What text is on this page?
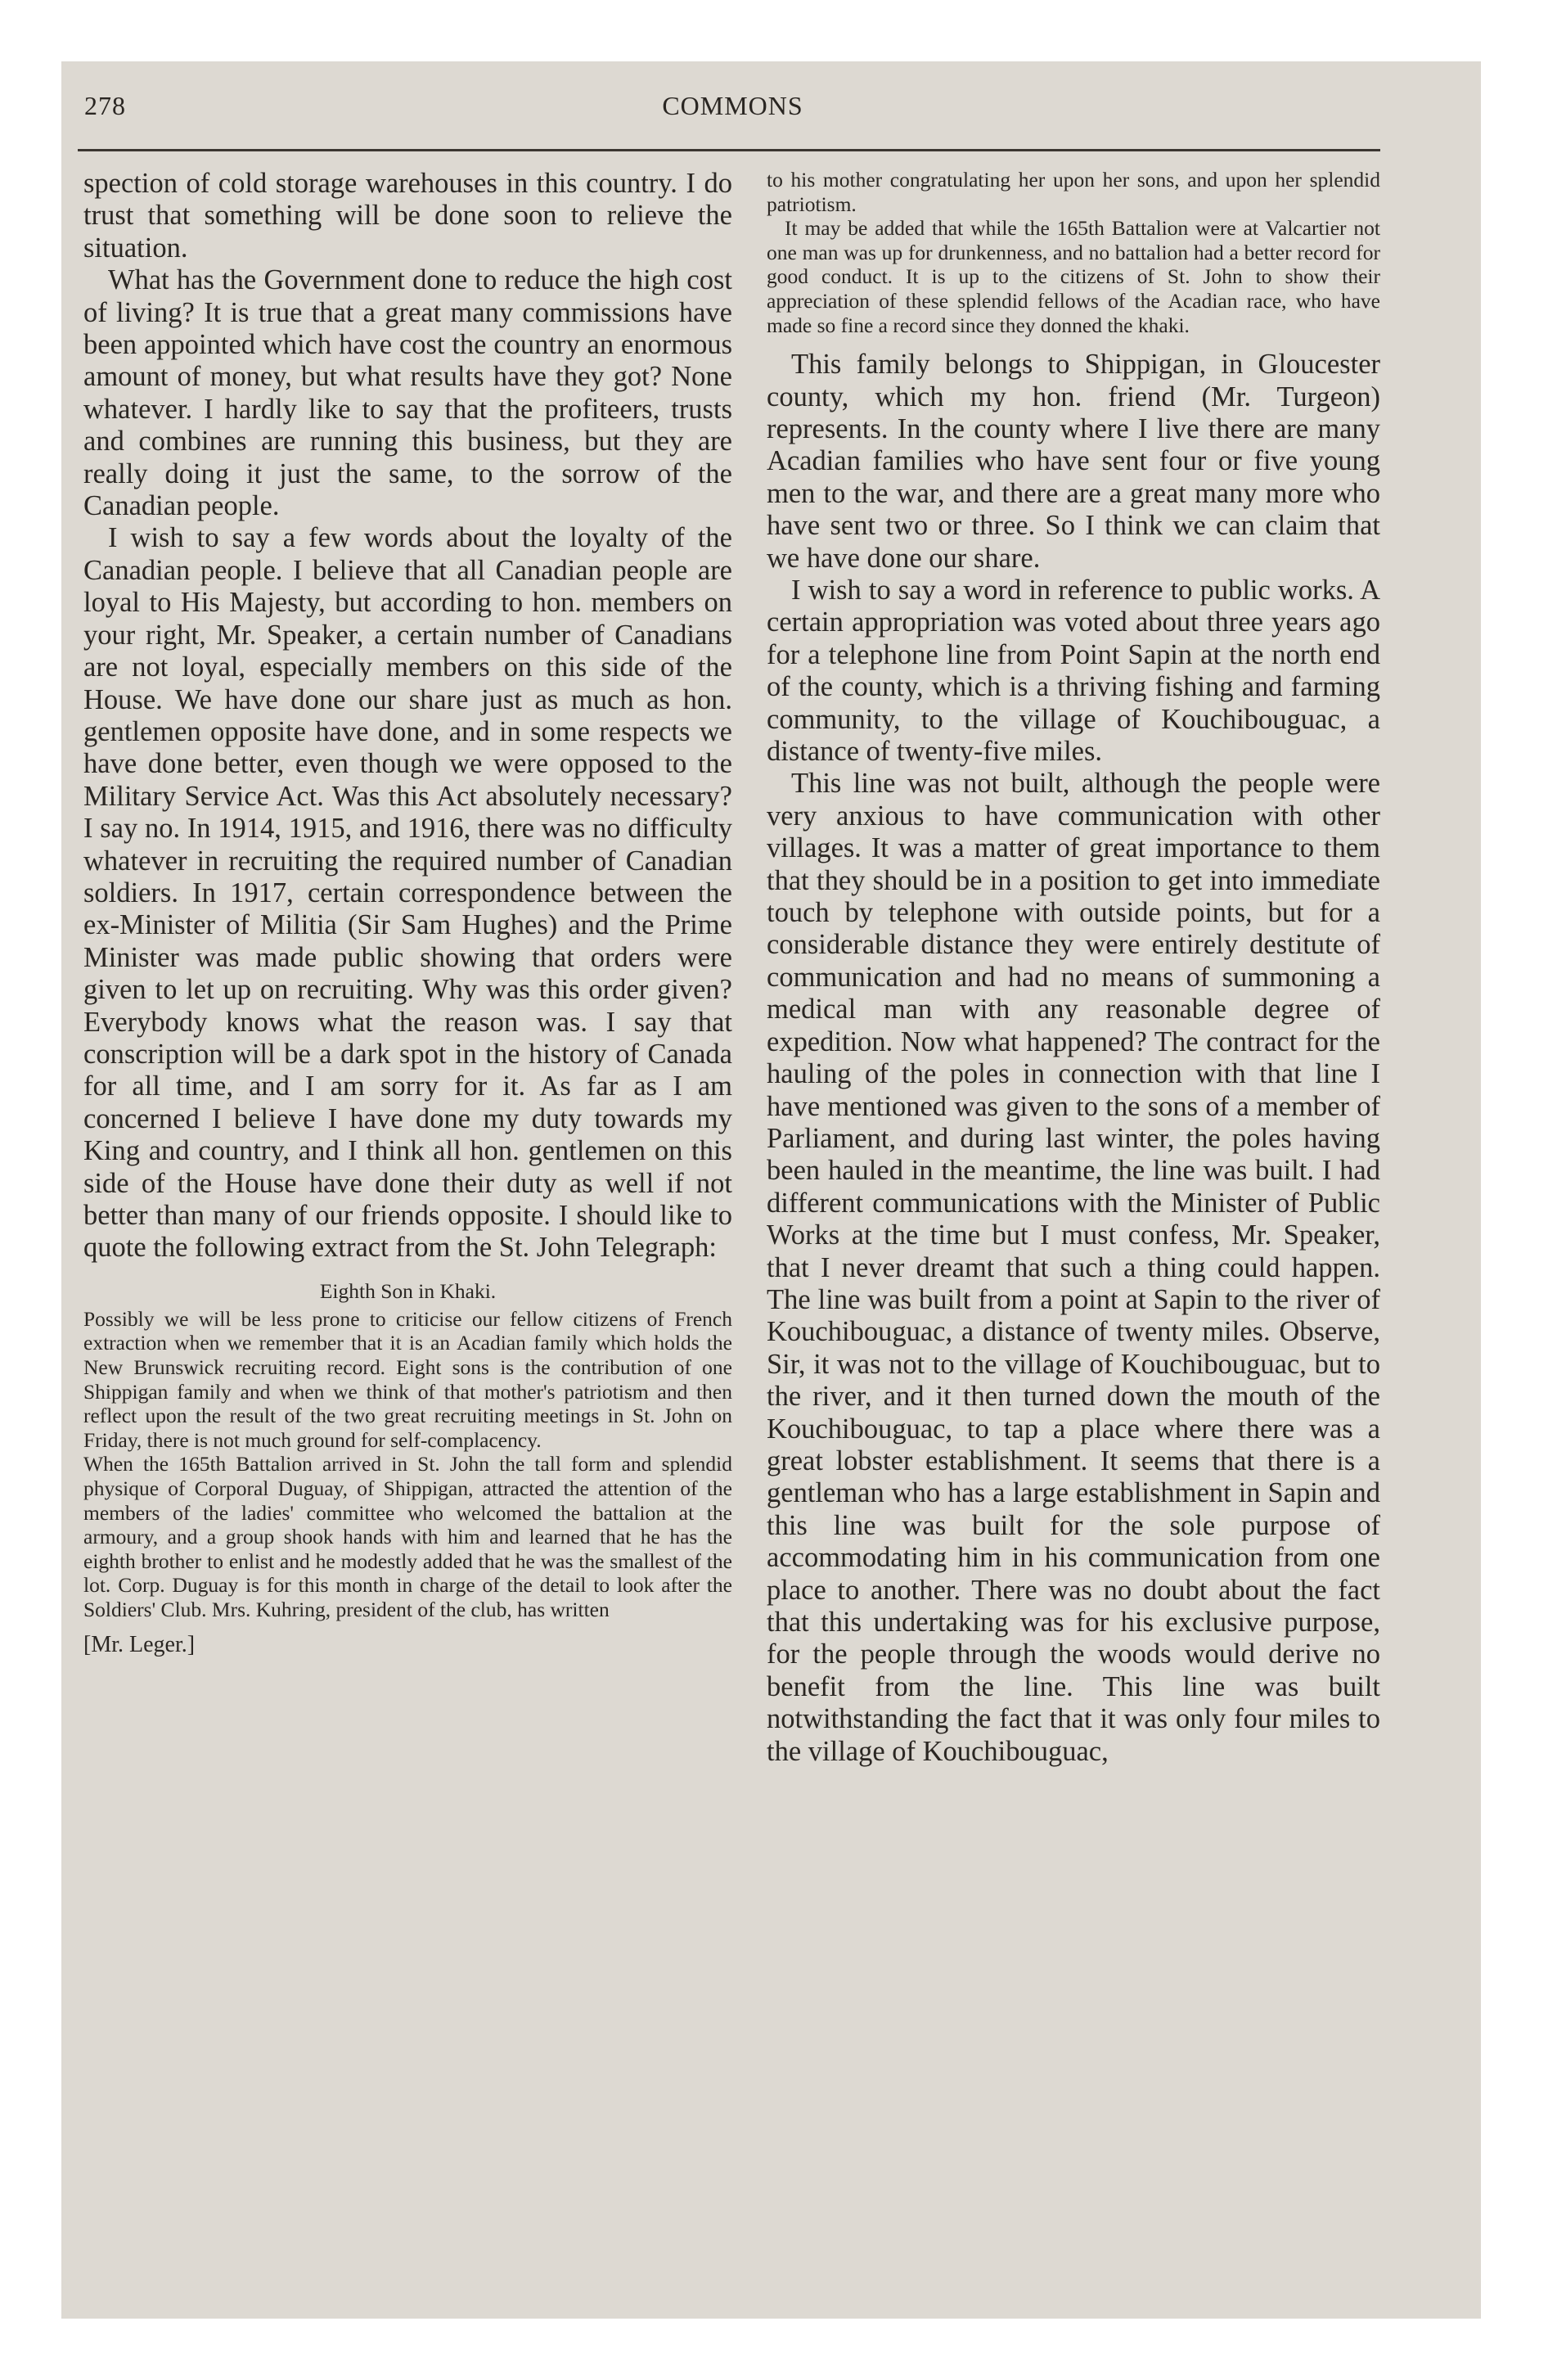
278	COMMONS

spection of cold storage warehouses in this country. I do trust that something will be done soon to relieve the situation.

What has the Government done to reduce the high cost of living? It is true that a great many commissions have been appointed which have cost the country an enormous amount of money, but what results have they got? None whatever. I hardly like to say that the profiteers, trusts and combines are running this business, but they are really doing it just the same, to the sorrow of the Canadian people.

I wish to say a few words about the loyalty of the Canadian people. I believe that all Canadian people are loyal to His Majesty, but according to hon. members on your right, Mr. Speaker, a certain number of Canadians are not loyal, especially members on this side of the House. We have done our share just as much as hon. gentlemen opposite have done, and in some respects we have done better, even though we were opposed to the Military Service Act. Was this Act absolutely necessary? I say no. In 1914, 1915, and 1916, there was no difficulty whatever in recruiting the required number of Canadian soldiers. In 1917, certain correspondence between the ex-Minister of Militia (Sir Sam Hughes) and the Prime Minister was made public showing that orders were given to let up on recruiting. Why was this order given? Everybody knows what the reason was. I say that conscription will be a dark spot in the history of Canada for all time, and I am sorry for it. As far as I am concerned I believe I have done my duty towards my King and country, and I think all hon. gentlemen on this side of the House have done their duty as well if not better than many of our friends opposite. I should like to quote the following extract from the St. John Telegraph:

Eighth Son in Khaki.

Possibly we will be less prone to criticise our fellow citizens of French extraction when we remember that it is an Acadian family which holds the New Brunswick recruiting record. Eight sons is the contribution of one Shippigan family and when we think of that mother's patriotism and then reflect upon the result of the two great recruiting meetings in St. John on Friday, there is not much ground for self-complacency.

When the 165th Battalion arrived in St. John the tall form and splendid physique of Corporal Duguay, of Shippigan, attracted the attention of the members of the ladies' committee who welcomed the battalion at the armoury, and a group shook hands with him and learned that he has the eighth brother to enlist and he modestly added that he was the smallest of the lot. Corp. Duguay is for this month in charge of the detail to look after the Soldiers' Club. Mrs. Kuhring, president of the club, has written

[Mr. Leger.]

to his mother congratulating her upon her sons, and upon her splendid patriotism.

It may be added that while the 165th Battalion were at Valcartier not one man was up for drunkenness, and no battalion had a better record for good conduct. It is up to the citizens of St. John to show their appreciation of these splendid fellows of the Acadian race, who have made so fine a record since they donned the khaki.

This family belongs to Shippigan, in Gloucester county, which my hon. friend (Mr. Turgeon) represents. In the county where I live there are many Acadian families who have sent four or five young men to the war, and there are a great many more who have sent two or three. So I think we can claim that we have done our share.

I wish to say a word in reference to public works. A certain appropriation was voted about three years ago for a telephone line from Point Sapin at the north end of the county, which is a thriving fishing and farming community, to the village of Kouchibouguac, a distance of twenty-five miles.

This line was not built, although the people were very anxious to have communication with other villages. It was a matter of great importance to them that they should be in a position to get into immediate touch by telephone with outside points, but for a considerable distance they were entirely destitute of communication and had no means of summoning a medical man with any reasonable degree of expedition. Now what happened? The contract for the hauling of the poles in connection with that line I have mentioned was given to the sons of a member of Parliament, and during last winter, the poles having been hauled in the meantime, the line was built. I had different communications with the Minister of Public Works at the time but I must confess, Mr. Speaker, that I never dreamt that such a thing could happen. The line was built from a point at Sapin to the river of Kouchibouguac, a distance of twenty miles. Observe, Sir, it was not to the village of Kouchibouguac, but to the river, and it then turned down the mouth of the Kouchibouguac, to tap a place where there was a great lobster establishment. It seems that there is a gentleman who has a large establishment in Sapin and this line was built for the sole purpose of accommodating him in his communication from one place to another. There was no doubt about the fact that this undertaking was for his exclusive purpose, for the people through the woods would derive no benefit from the line. This line was built notwithstanding the fact that it was only four miles to the village of Kouchibouguac,
